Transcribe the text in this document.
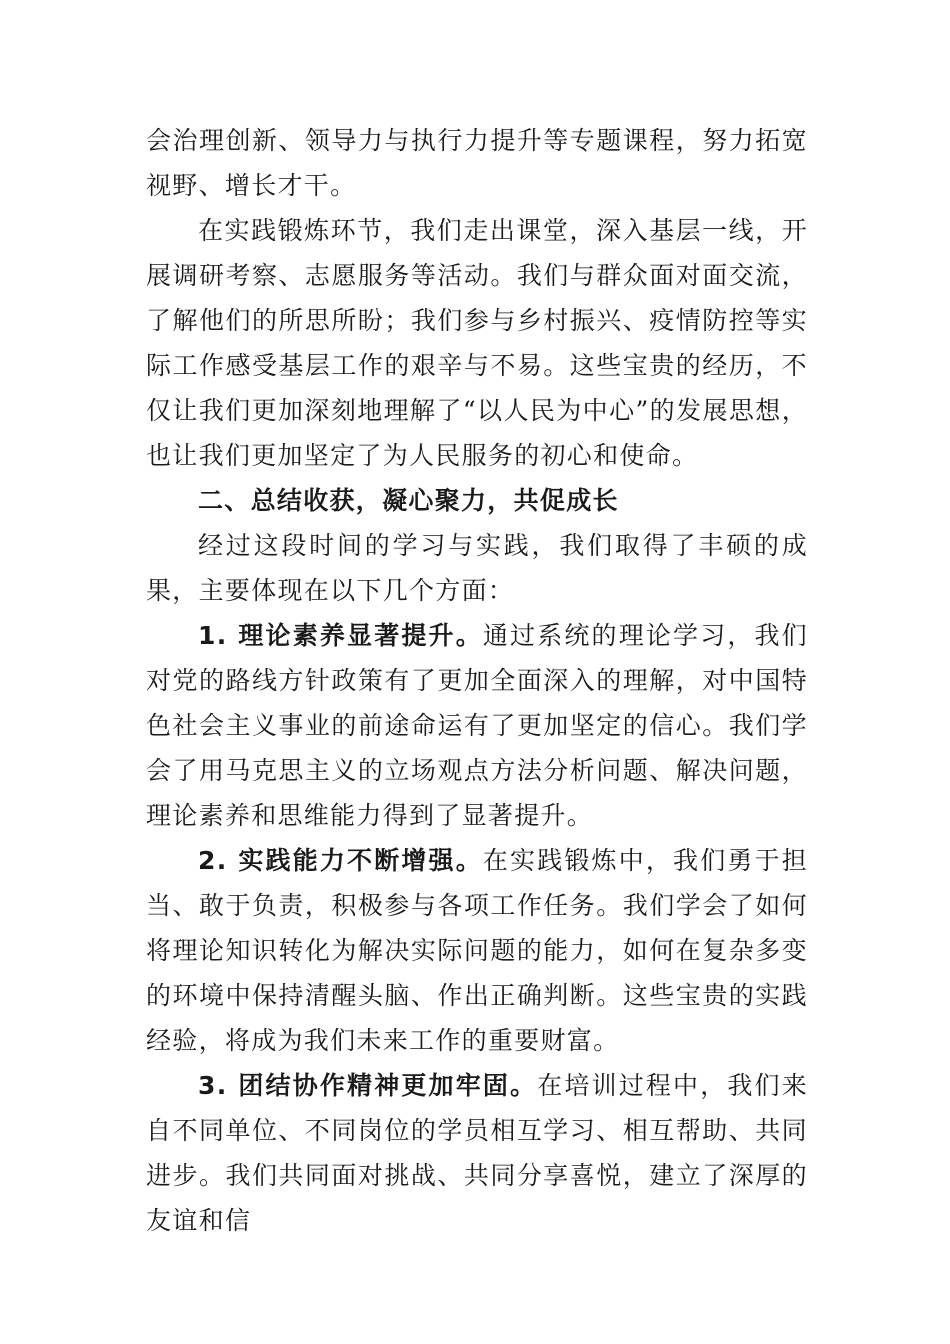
会治理创新、领导力与执行力提升等专题课程，努力拓宽视野、增长才干。

在实践锻炼环节，我们走出课堂，深入基层一线，开展调研考察、志愿服务等活动。我们与群众面对面交流，了解他们的所思所盼；我们参与乡村振兴、疫情防控等实际工作感受基层工作的艰辛与不易。这些宝贵的经历，不仅让我们更加深刻地理解了“以人民为中心”的发展思想，也让我们更加坚定了为人民服务的初心和使命。

二、总结收获，凝心聚力，共促成长

经过这段时间的学习与实践，我们取得了丰硕的成果，主要体现在以下几个方面：

1. 理论素养显著提升。通过系统的理论学习，我们对党的路线方针政策有了更加全面深入的理解，对中国特色社会主义事业的前途命运有了更加坚定的信心。我们学会了用马克思主义的立场观点方法分析问题、解决问题，理论素养和思维能力得到了显著提升。

2. 实践能力不断增强。在实践锻炼中，我们勇于担当、敢于负责，积极参与各项工作任务。我们学会了如何将理论知识转化为解决实际问题的能力，如何在复杂多变的环境中保持清醒头脑、作出正确判断。这些宝贵的实践经验，将成为我们未来工作的重要财富。

3. 团结协作精神更加牢固。在培训过程中，我们来自不同单位、不同岗位的学员相互学习、相互帮助、共同进步。我们共同面对挑战、共同分享喜悦，建立了深厚的友谊和信
